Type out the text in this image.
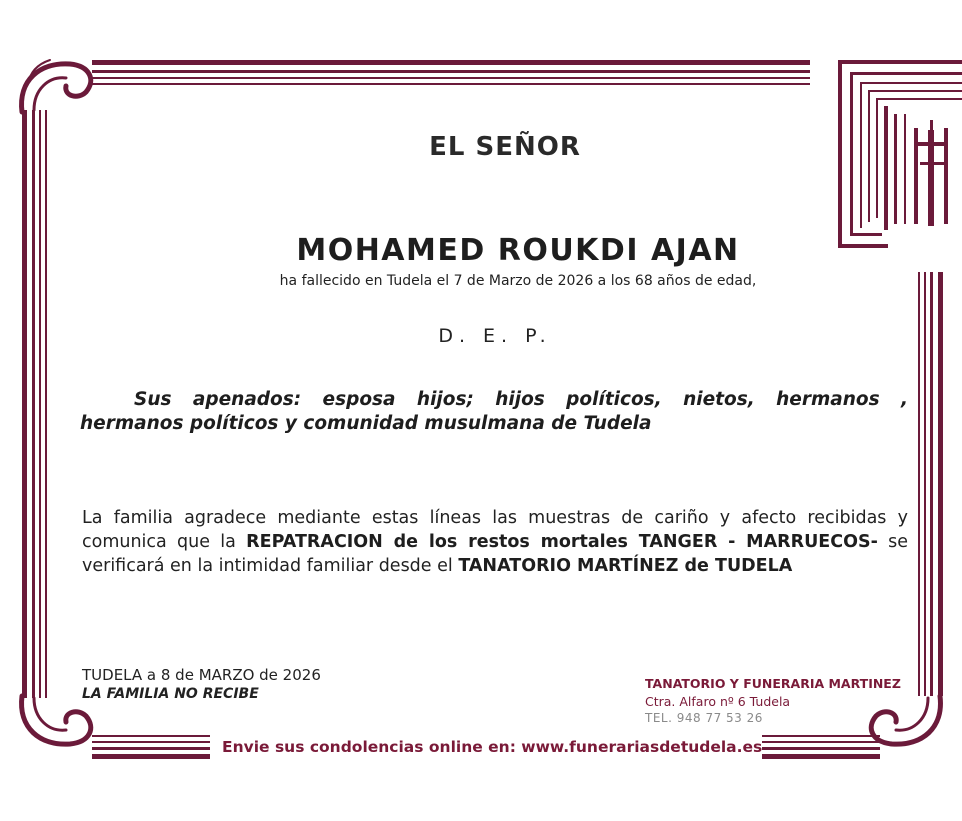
EL SEÑOR
MOHAMED ROUKDI AJAN
ha fallecido en Tudela el 7 de Marzo de 2026 a los 68 años de edad,
D. E. P.
Sus apenados: esposa hijos; hijos políticos, nietos, hermanos ,
hermanos políticos y comunidad musulmana de Tudela
La familia agradece mediante estas líneas las muestras de cariño y afecto recibidas y comunica que la REPATRACION de los restos mortales TANGER - MARRUECOS- se verificará en la intimidad familiar desde el TANATORIO MARTÍNEZ de TUDELA
TUDELA a 8 de MARZO de 2026
LA FAMILIA NO RECIBE
TANATORIO Y FUNERARIA MARTINEZ
Ctra. Alfaro nº 6 Tudela
TEL. 948 77 53 26
Envie sus condolencias online en: www.funerariasdetudela.es
